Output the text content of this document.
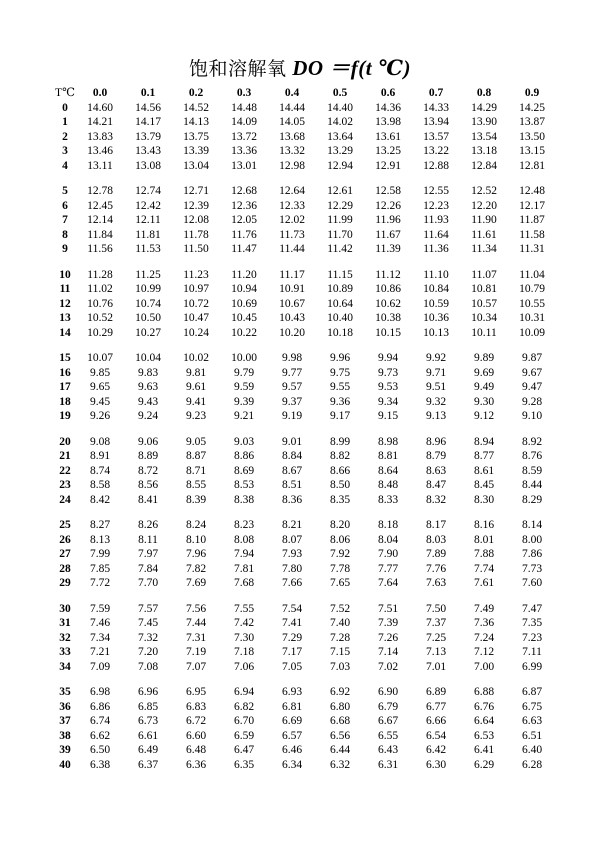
饱和溶解氧 DO ＝f(t ℃)
T℃	0.0	0.1	0.2	0.3	0.4	0.5	0.6	0.7	0.8	0.9
0	14.60	14.56	14.52	14.48	14.44	14.40	14.36	14.33	14.29	14.25
1	14.21	14.17	14.13	14.09	14.05	14.02	13.98	13.94	13.90	13.87
2	13.83	13.79	13.75	13.72	13.68	13.64	13.61	13.57	13.54	13.50
3	13.46	13.43	13.39	13.36	13.32	13.29	13.25	13.22	13.18	13.15
4	13.11	13.08	13.04	13.01	12.98	12.94	12.91	12.88	12.84	12.81

5	12.78	12.74	12.71	12.68	12.64	12.61	12.58	12.55	12.52	12.48
6	12.45	12.42	12.39	12.36	12.33	12.29	12.26	12.23	12.20	12.17
7	12.14	12.11	12.08	12.05	12.02	11.99	11.96	11.93	11.90	11.87
8	11.84	11.81	11.78	11.76	11.73	11.70	11.67	11.64	11.61	11.58
9	11.56	11.53	11.50	11.47	11.44	11.42	11.39	11.36	11.34	11.31

10	11.28	11.25	11.23	11.20	11.17	11.15	11.12	11.10	11.07	11.04
11	11.02	10.99	10.97	10.94	10.91	10.89	10.86	10.84	10.81	10.79
12	10.76	10.74	10.72	10.69	10.67	10.64	10.62	10.59	10.57	10.55
13	10.52	10.50	10.47	10.45	10.43	10.40	10.38	10.36	10.34	10.31
14	10.29	10.27	10.24	10.22	10.20	10.18	10.15	10.13	10.11	10.09

15	10.07	10.04	10.02	10.00	9.98	9.96	9.94	9.92	9.89	9.87
16	9.85	9.83	9.81	9.79	9.77	9.75	9.73	9.71	9.69	9.67
17	9.65	9.63	9.61	9.59	9.57	9.55	9.53	9.51	9.49	9.47
18	9.45	9.43	9.41	9.39	9.37	9.36	9.34	9.32	9.30	9.28
19	9.26	9.24	9.23	9.21	9.19	9.17	9.15	9.13	9.12	9.10

20	9.08	9.06	9.05	9.03	9.01	8.99	8.98	8.96	8.94	8.92
21	8.91	8.89	8.87	8.86	8.84	8.82	8.81	8.79	8.77	8.76
22	8.74	8.72	8.71	8.69	8.67	8.66	8.64	8.63	8.61	8.59
23	8.58	8.56	8.55	8.53	8.51	8.50	8.48	8.47	8.45	8.44
24	8.42	8.41	8.39	8.38	8.36	8.35	8.33	8.32	8.30	8.29

25	8.27	8.26	8.24	8.23	8.21	8.20	8.18	8.17	8.16	8.14
26	8.13	8.11	8.10	8.08	8.07	8.06	8.04	8.03	8.01	8.00
27	7.99	7.97	7.96	7.94	7.93	7.92	7.90	7.89	7.88	7.86
28	7.85	7.84	7.82	7.81	7.80	7.78	7.77	7.76	7.74	7.73
29	7.72	7.70	7.69	7.68	7.66	7.65	7.64	7.63	7.61	7.60

30	7.59	7.57	7.56	7.55	7.54	7.52	7.51	7.50	7.49	7.47
31	7.46	7.45	7.44	7.42	7.41	7.40	7.39	7.37	7.36	7.35
32	7.34	7.32	7.31	7.30	7.29	7.28	7.26	7.25	7.24	7.23
33	7.21	7.20	7.19	7.18	7.17	7.15	7.14	7.13	7.12	7.11
34	7.09	7.08	7.07	7.06	7.05	7.03	7.02	7.01	7.00	6.99

35	6.98	6.96	6.95	6.94	6.93	6.92	6.90	6.89	6.88	6.87
36	6.86	6.85	6.83	6.82	6.81	6.80	6.79	6.77	6.76	6.75
37	6.74	6.73	6.72	6.70	6.69	6.68	6.67	6.66	6.64	6.63
38	6.62	6.61	6.60	6.59	6.57	6.56	6.55	6.54	6.53	6.51
39	6.50	6.49	6.48	6.47	6.46	6.44	6.43	6.42	6.41	6.40
40	6.38	6.37	6.36	6.35	6.34	6.32	6.31	6.30	6.29	6.28
